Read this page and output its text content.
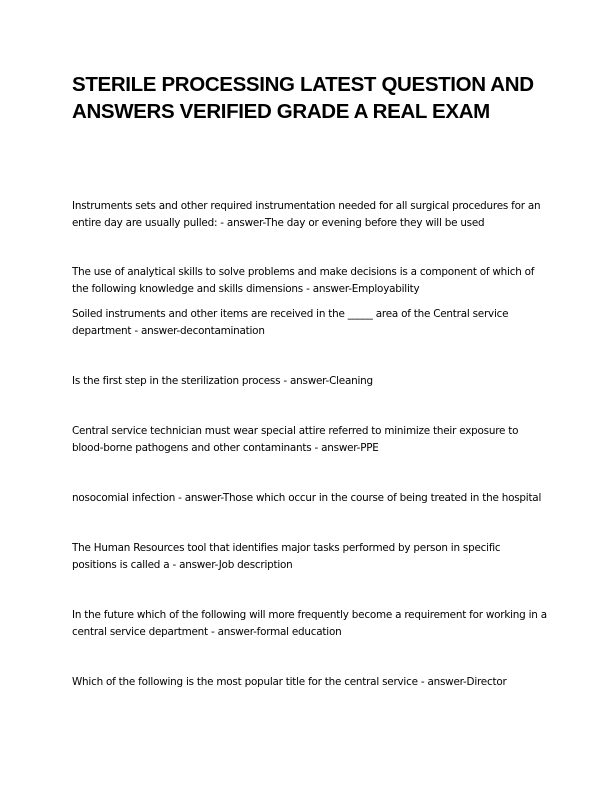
STERILE PROCESSING LATEST QUESTION AND ANSWERS VERIFIED GRADE A REAL EXAM

Instruments sets and other required instrumentation needed for all surgical procedures for an entire day are usually pulled: - answer-The day or evening before they will be used

The use of analytical skills to solve problems and make decisions is a component of which of the following knowledge and skills dimensions - answer-Employability

Soiled instruments and other items are received in the _____ area of the Central service department - answer-decontamination

Is the first step in the sterilization process - answer-Cleaning

Central service technician must wear special attire referred to minimize their exposure to blood-borne pathogens and other contaminants - answer-PPE

nosocomial infection - answer-Those which occur in the course of being treated in the hospital

The Human Resources tool that identifies major tasks performed by person in specific positions is called a - answer-Job description

In the future which of the following will more frequently become a requirement for working in a central service department - answer-formal education

Which of the following is the most popular title for the central service - answer-Director
